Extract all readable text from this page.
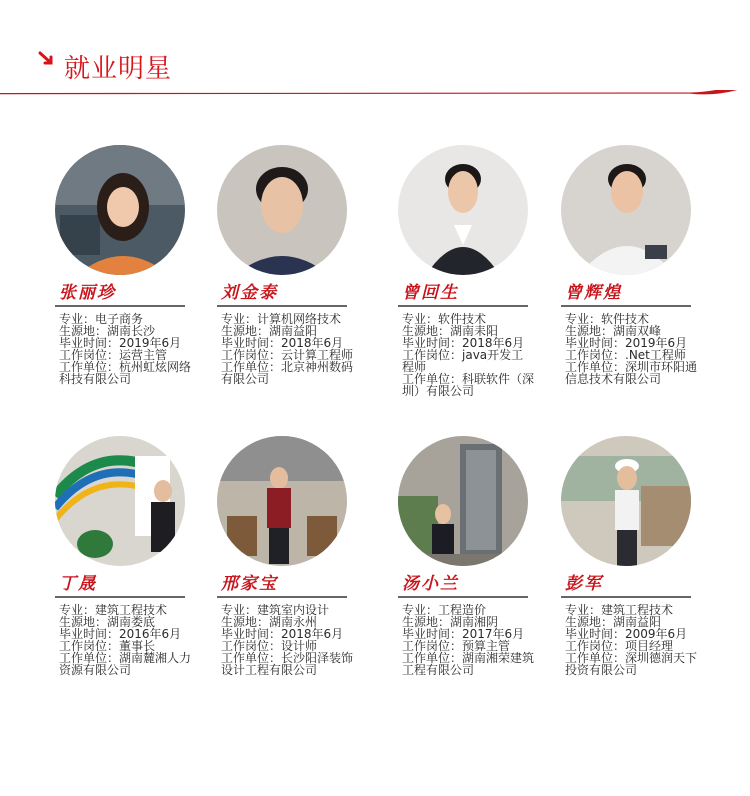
就业明星
张丽珍
专业：电子商务
生源地：湖南长沙
毕业时间：2019年6月
工作岗位：运营主管
工作单位：杭州虹炫网络科技有限公司
刘金泰
专业：计算机网络技术
生源地：湖南益阳
毕业时间：2018年6月
工作岗位：云计算工程师
工作单位：北京神州数码有限公司
曾回生
专业：软件技术
生源地：湖南耒阳
毕业时间：2018年6月
工作岗位：java开发工程师
工作单位：科联软件（深圳）有限公司
曾辉煌
专业：软件技术
生源地：湖南双峰
毕业时间：2019年6月
工作岗位：.Net工程师
工作单位：深圳市环阳通信息技术有限公司
丁晟
专业：建筑工程技术
生源地：湖南娄底
毕业时间：2016年6月
工作岗位：董事长
工作单位：湖南麓湘人力资源有限公司
邢家宝
专业：建筑室内设计
生源地：湖南永州
毕业时间：2018年6月
工作岗位：设计师
工作单位：长沙阳泽装饰设计工程有限公司
汤小兰
专业：工程造价
生源地：湖南湘阴
毕业时间：2017年6月
工作岗位：预算主管
工作单位：湖南湘荣建筑工程有限公司
彭军
专业：建筑工程技术
生源地：湖南益阳
毕业时间：2009年6月
工作岗位：项目经理
工作单位：深圳德润天下投资有限公司
